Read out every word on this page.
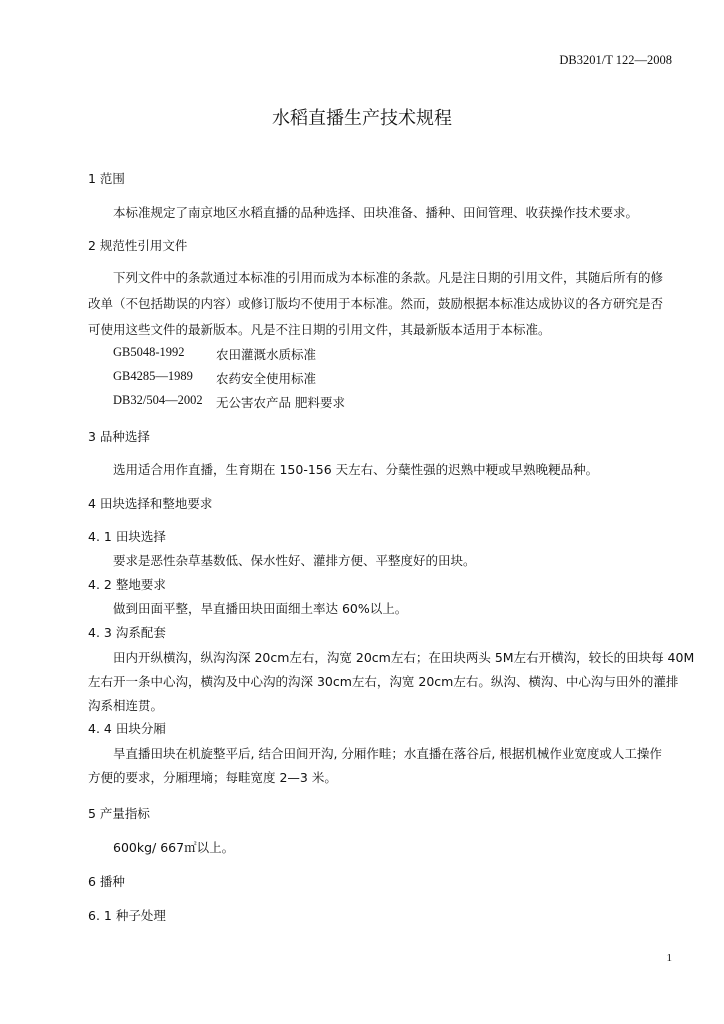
DB3201/T 122—2008
水稻直播生产技术规程
1 范围
本标准规定了南京地区水稻直播的品种选择、田块准备、播种、田间管理、收获操作技术要求。
2 规范性引用文件
下列文件中的条款通过本标准的引用而成为本标准的条款。凡是注日期的引用文件，其随后所有的修
改单（不包括勘误的内容）或修订版均不使用于本标准。然而，鼓励根据本标准达成协议的各方研究是否
可使用这些文件的最新版本。凡是不注日期的引用文件，其最新版本适用于本标准。
GB5048-1992	农田灌溉水质标准
GB4285—1989 农药安全使用标准
DB32/504—2002 无公害农产品 肥料要求
3 品种选择
选用适合用作直播，生育期在 150-156 天左右、分蘖性强的迟熟中粳或早熟晚粳品种。
4 田块选择和整地要求
4. 1 田块选择
要求是恶性杂草基数低、保水性好、灌排方便、平整度好的田块。
4. 2 整地要求
做到田面平整，旱直播田块田面细土率达 60%以上。
4. 3 沟系配套
田内开纵横沟，纵沟沟深 20cm左右，沟宽 20cm左右；在田块两头 5M左右开横沟，较长的田块每 40M
左右开一条中心沟，横沟及中心沟的沟深 30cm左右，沟宽 20cm左右。纵沟、横沟、中心沟与田外的灌排
沟系相连贯。
4. 4 田块分厢
旱直播田块在机旋整平后, 结合田间开沟, 分厢作畦；水直播在落谷后, 根据机械作业宽度或人工操作
方便的要求，分厢理墒；每畦宽度 2—3 米。
5 产量指标
600kg/ 667㎡以上。
6 播种
6. 1 种子处理
1
